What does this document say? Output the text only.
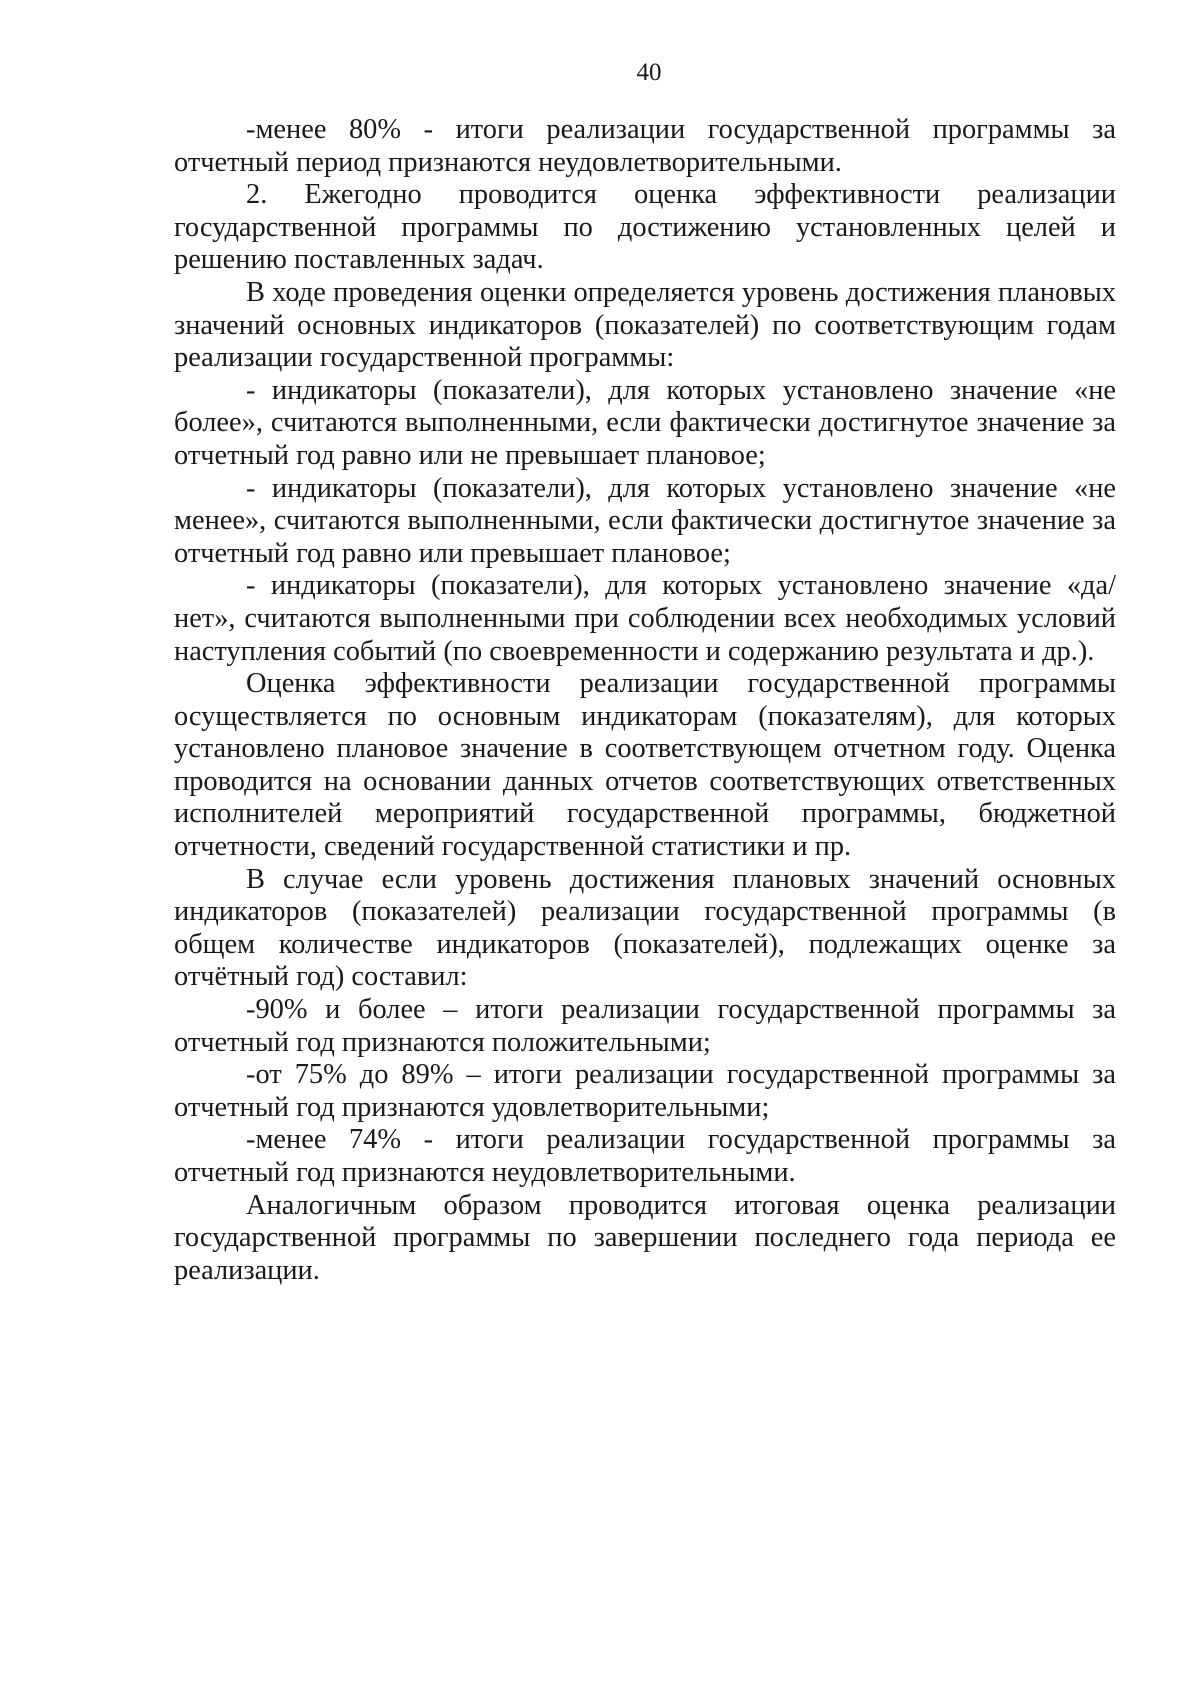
40

-менее 80% - итоги реализации государственной программы за отчетный период признаются неудовлетворительными.

2. Ежегодно проводится оценка эффективности реализации государственной программы по достижению установленных целей и решению поставленных задач.

В ходе проведения оценки определяется уровень достижения плановых значений основных индикаторов (показателей) по соответствующим годам реализации государственной программы:

- индикаторы (показатели), для которых установлено значение «не более», считаются выполненными, если фактически достигнутое значение за отчетный год равно или не превышает плановое;

- индикаторы (показатели), для которых установлено значение «не менее», считаются выполненными, если фактически достигнутое значение за отчетный год равно или превышает плановое;

- индикаторы (показатели), для которых установлено значение «да/нет», считаются выполненными при соблюдении всех необходимых условий наступления событий (по своевременности и содержанию результата и др.).

Оценка эффективности реализации государственной программы осуществляется по основным индикаторам (показателям), для которых установлено плановое значение в соответствующем отчетном году. Оценка проводится на основании данных отчетов соответствующих ответственных исполнителей мероприятий государственной программы, бюджетной отчетности, сведений государственной статистики и пр.

В случае если уровень достижения плановых значений основных индикаторов (показателей) реализации государственной программы (в общем количестве индикаторов (показателей), подлежащих оценке за отчётный год) составил:

-90% и более – итоги реализации государственной программы за отчетный год признаются положительными;

-от 75% до 89% – итоги реализации государственной программы за отчетный год признаются удовлетворительными;

-менее 74% - итоги реализации государственной программы за отчетный год признаются неудовлетворительными.

Аналогичным образом проводится итоговая оценка реализации государственной программы по завершении последнего года периода ее реализации.
